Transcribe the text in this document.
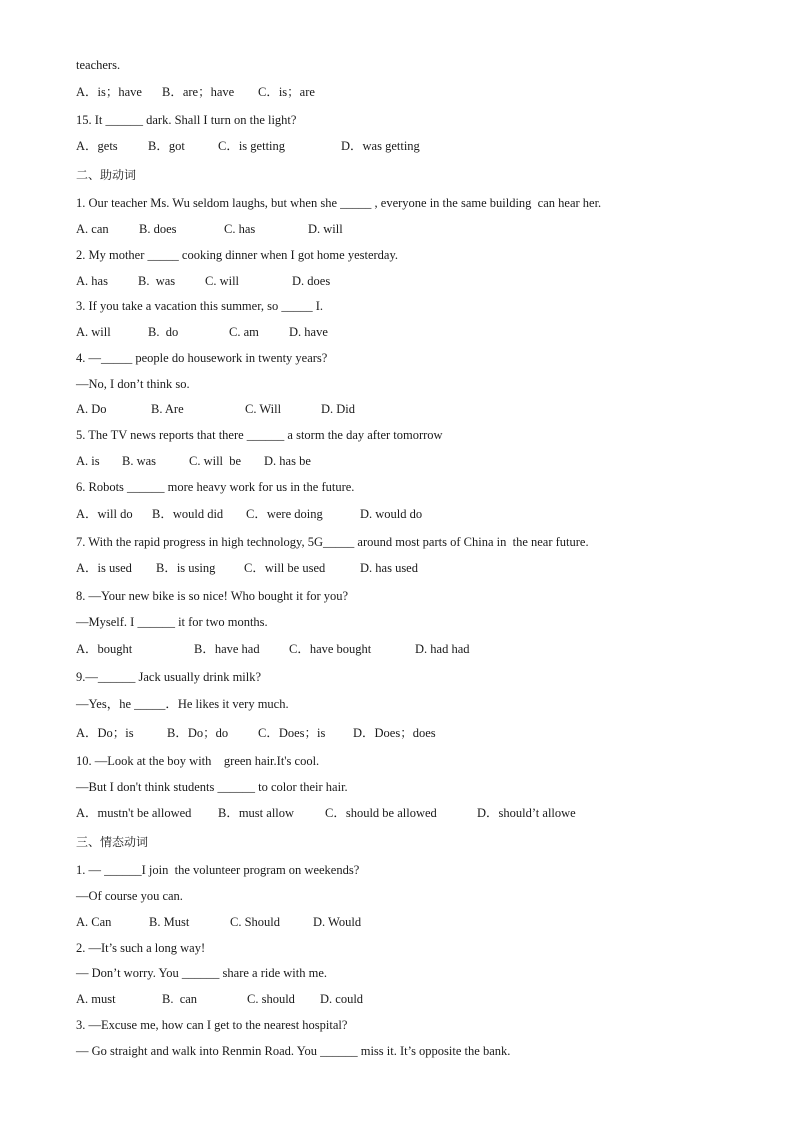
teachers.
A．is；have	B．are；have	C．is；are
15. It ______ dark. Shall I turn on the light?
A．gets	B．got	C．is getting	D．was getting
二、助动词
1. Our teacher Ms. Wu seldom laughs, but when she _____ , everyone in the same building  can hear her.
A. can	B. does	C. has	D. will
2. My mother _____ cooking dinner when I got home yesterday.
A. has	B.  was	C. will	D. does
3. If you take a vacation this summer, so _____ I.
A. will	B.  do	C. am	D. have
4. —_____ people do housework in twenty years?
—No, I don’t think so.
A. Do	B. Are	C. Will	D. Did
5. The TV news reports that there ______ a storm the day after tomorrow
A. is	B. was	C. will  be	D. has be
6. Robots ______ more heavy work for us in the future.
A．will do	B．would did	C．were doing	D. would do
7. With the rapid progress in high technology, 5G_____ around most parts of China in  the near future.
A．is used	B．is using	C．will be used	D. has used
8. —Your new bike is so nice! Who bought it for you?
—Myself. I ______ it for two months.
A．bought	B．have had	C．have bought	D. had had
9.—______ Jack usually drink milk?
—Yes，he _____．He likes it very much.
A．Do；is	B．Do；do	C．Does；is	D．Does；does
10. —Look at the boy with    green hair.It's cool.
—But I don't think students ______ to color their hair.
A．mustn't be allowed	B．must allow	C．should be allowed	D．should’t allowe
三、情态动词
1. — ______I join  the volunteer program on weekends?
—Of course you can.
A. Can	B. Must	C. Should	D. Would
2. —It’s such a long way!
— Don’t worry. You ______ share a ride with me.
A. must	B.  can	C. should	D. could
3. —Excuse me, how can I get to the nearest hospital?
— Go straight and walk into Renmin Road. You ______ miss it. It’s opposite the bank.
